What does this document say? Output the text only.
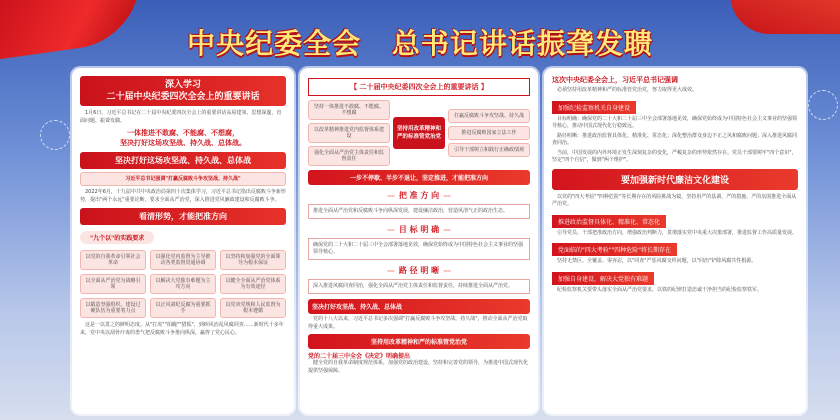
中央纪委全会 总书记讲话振聋发聩
深入学习
二十届中央纪委四次全会上的重要讲话

1月6日，习近平总书记在二十届中央纪委四次全会上的重要讲话高屋建瓴、思想深邃，直面问题、振聋发聩。

一体推进不敢腐、不能腐、不想腐，
坚决打好这场攻坚战、持久战、总体战。
坚决打好这场攻坚战、持久战、总体战
习近平总书记强调"打赢反腐败斗争攻坚战、持久战"

2022年6月，十九届中共中央政治局第四十次集体学习，习近平总书记指出反腐败斗争新形势，提出"两个永远"重要论断，要求全面从严治党，深入推进党风廉政建设和反腐败斗争。

看清形势，才能把准方向
"九个以"的实践要求
以党的自我革命引领社会革命
以强化党内监督为主导推动各类监督贯通协调
以坚持和加强党的全面领导为根本保证
以全面从严治党为战略引领
以解决大党独有难题为主攻方向
以健全全面从严治党体系为有效途径
以锻造坚强组织、建设过硬队伍为重要着力点
以正风肃纪反腐为重要抓手
以党章党规和人民监督为根本遵循

这是一以贯之的鲜明态度。从"打虎""拍蝇""猎狐"，到纠风治乱风腐同查……新时代十多年来，党中央以刮骨疗毒的勇气把反腐败斗争推向纵深，赢得了党心民心。

【 二十届中央纪委四次全会上的重要讲话 】
坚持一体推进不敢腐、不能腐、不想腐
以改革精神推进党内监督体系建设
强化全面从严治党主体责任和监督责任
坚持用改革精神和严的标准管党治党
打赢反腐败斗争攻坚战、持久战
推进反腐败国家立法工作
引导干部树立和践行正确政绩观
一步不停歇、半步不退让，坚定推进，才能把准方向
— 把 准 方 向 —
推进全面从严治党和反腐败斗争向纵深发展，建设廉洁政治，营造风清气正的政治生态。
— 目 标 明 确 —
确保党的二十大和二十届三中全会部署落地见效，确保党始终成为中国特色社会主义事业的坚强领导核心。
— 路 径 明 晰 —
深入推进风腐同查同治，强化全面从严治党主体责任和监督责任，持续推进全面从严治党。
坚决打好攻坚战、持久战、总体战

党的十八大以来，习近平总书记多次强调"打赢反腐败斗争攻坚战、持久战"，推动全面从严治党取得重大成果。

坚持用改革精神和严的标准管党治党
党的二十届三中全会《决定》明确提出

健全党的自我革命制度规范体系，加强党的政治建设，坚持和完善党的领导，为推进中国式现代化提供坚强保障。

这次中央纪委全会上，习近平总书记强调

必须坚持用改革精神和严的标准管党治党，努力取得更大成效。

加强纪检监察机关自身建设

目标明确：确保党的二十大和二十届三中全会部署落地见效，确保党始终成为中国特色社会主义事业的坚强领导核心，推动中国式现代化行稳致远。

路径明晰：推进政治监督具体化、精准化、常态化；深化整治群众身边不正之风和腐败问题；深入推进风腐同查同治。

当前，中国发展的内外环境正发生深刻复杂的变化，严峻复杂的形势依然存在。党员干部要树牢"四个意识"，坚定"四个自信"，做到"两个维护"。

要加强新时代廉洁文化建设

以党的"四大考验""四种危险"等长期存在的风险挑战为镜，坚持用严的基调、严的措施、严的氛围推进全面从严治党。

推进政治监督具体化、精准化、常态化

引导党员、干部把准政治方向，增强政治判断力，贯彻落实党中央重大决策部署，推进监督工作高质量发展。

党面临的"四大考验""四种危险"将长期存在

坚持无禁区、全覆盖、零容忍，以"同查"严惩风腐交织问题，以"同治"铲除风腐共性根源。

加强自身建设，解决大党独有难题

纪检监察机关要带头落实全面从严治党要求，以铁的纪律打造忠诚干净担当的纪检监察铁军。
